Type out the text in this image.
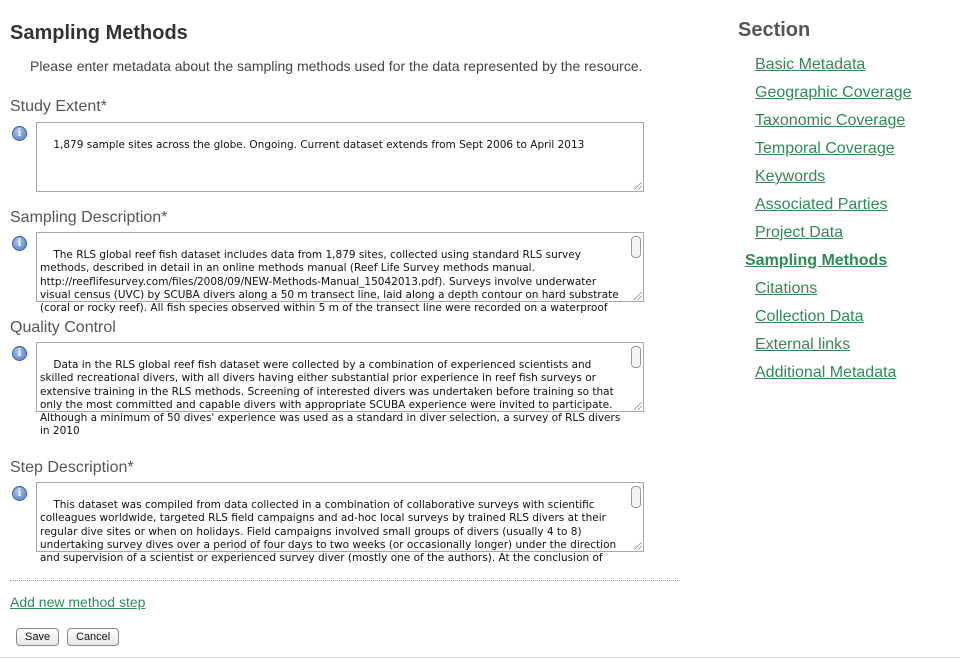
Sampling Methods
Please enter metadata about the sampling methods used for the data represented by the resource.
Study Extent*
i

1,879 sample sites across the globe. Ongoing. Current dataset extends from Sept 2006 to April 2013

Sampling Description*
i

The RLS global reef fish dataset includes data from 1,879 sites, collected using standard RLS survey methods, described in detail in an online methods manual (Reef Life Survey methods manual. http://reeflifesurvey.com/files/2008/09/NEW-Methods-Manual_15042013.pdf). Surveys involve underwater visual census (UVC) by SCUBA divers along a 50 m transect line, laid along a depth contour on hard substrate (coral or rocky reef). All fish species observed within 5 m of the transect line were recorded on a waterproof

Quality Control
i

Data in the RLS global reef fish dataset were collected by a combination of experienced scientists and skilled recreational divers, with all divers having either substantial prior experience in reef fish surveys or extensive training in the RLS methods. Screening of interested divers was undertaken before training so that only the most committed and capable divers with appropriate SCUBA experience were invited to participate. Although a minimum of 50 dives' experience was used as a standard in diver selection, a survey of RLS divers in 2010

Step Description*
i

This dataset was compiled from data collected in a combination of collaborative surveys with scientific colleagues worldwide, targeted RLS field campaigns and ad-hoc local surveys by trained RLS divers at their regular dive sites or when on holidays. Field campaigns involved small groups of divers (usually 4 to 8) undertaking survey dives over a period of four days to two weeks (or occasionally longer) under the direction and supervision of a scientist or experienced survey diver (mostly one of the authors). At the conclusion of

Add new method step
Save	Cancel
Section
Basic Metadata
Geographic Coverage
Taxonomic Coverage
Temporal Coverage
Keywords
Associated Parties
Project Data
Sampling Methods
Citations
Collection Data
External links
Additional Metadata
